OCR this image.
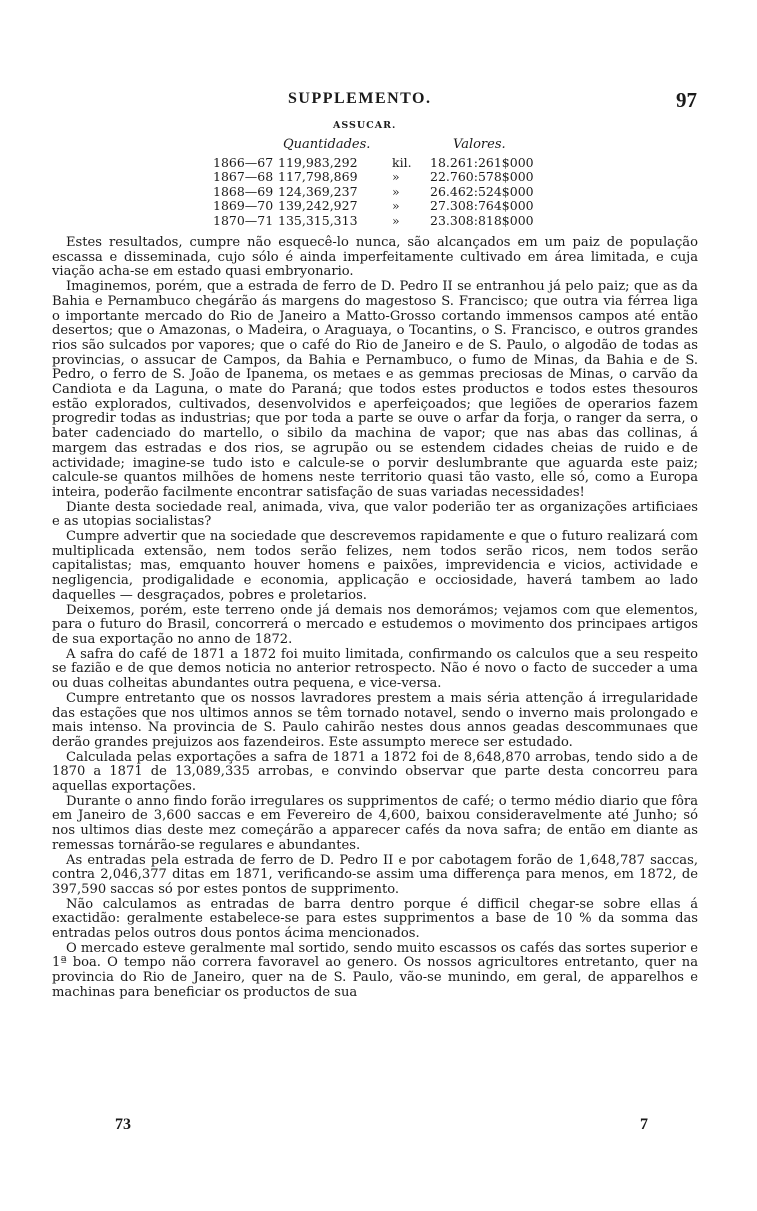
SUPPLEMENTO.	97
ASSUCAR.
Quantidades.	Valores.
1866—67 119,983,292	kil. 18.261:261$000
1867—68 117,798,869	» 22.760:578$000
1868—69 124,369,237	» 26.462:524$000
1869—70 139,242,927	» 27.308:764$000
1870—71 135,315,313	» 23.308:818$000

Estes resultados, cumpre não esquecê-lo nunca, são alcançados em um paiz de população escassa e disseminada, cujo sólo é ainda imperfeitamente cultivado em área limitada, e cuja viação acha-se em estado quasi embryonario.

Imaginemos, porém, que a estrada de ferro de D. Pedro II se entranhou já pelo paiz; que as da Bahia e Pernambuco chegárão ás margens do magestoso S. Francisco; que outra via férrea liga o importante mercado do Rio de Janeiro a Matto-Grosso cortando immensos campos até então desertos; que o Amazonas, o Madeira, o Araguaya, o Tocantins, o S. Francisco, e outros grandes rios são sulcados por vapores; que o café do Rio de Janeiro e de S. Paulo, o algodão de todas as provincias, o assucar de Campos, da Bahia e Pernambuco, o fumo de Minas, da Bahia e de S. Pedro, o ferro de S. João de Ipanema, os metaes e as gemmas preciosas de Minas, o carvão da Candiota e da Laguna, o mate do Paraná; que todos estes productos e todos estes thesouros estão explorados, cultivados, desenvolvidos e aperfeiçoados; que legiões de operarios fazem progredir todas as industrias; que por toda a parte se ouve o arfar da forja, o ranger da serra, o bater cadenciado do martello, o sibilo da machina de vapor; que nas abas das collinas, á margem das estradas e dos rios, se agrupão ou se estendem cidades cheias de ruido e de actividade; imagine-se tudo isto e calcule-se o porvir deslumbrante que aguarda este paiz; calcule-se quantos milhões de homens neste territorio quasi tão vasto, elle só, como a Europa inteira, poderão facilmente encontrar satisfação de suas variadas necessidades!

Diante desta sociedade real, animada, viva, que valor poderião ter as organizações artificiaes e as utopias socialistas?

Cumpre advertir que na sociedade que descrevemos rapidamente e que o futuro realizará com multiplicada extensão, nem todos serão felizes, nem todos serão ricos, nem todos serão capitalistas; mas, emquanto houver homens e paixões, imprevidencia e vicios, actividade e negligencia, prodigalidade e economia, applicação e occiosidade, haverá tambem ao lado daquelles — desgraçados, pobres e proletarios.

Deixemos, porém, este terreno onde já demais nos demorámos; vejamos com que elementos, para o futuro do Brasil, concorrerá o mercado e estudemos o movimento dos principaes artigos de sua exportação no anno de 1872.

A safra do café de 1871 a 1872 foi muito limitada, confirmando os calculos que a seu respeito se fazião e de que demos noticia no anterior retrospecto. Não é novo o facto de succeder a uma ou duas colheitas abundantes outra pequena, e vice-versa.

Cumpre entretanto que os nossos lavradores prestem a mais séria attenção á irregularidade das estações que nos ultimos annos se têm tornado notavel, sendo o inverno mais prolongado e mais intenso. Na provincia de S. Paulo cahirão nestes dous annos geadas descommunaes que derão grandes prejuizos aos fazendeiros. Este assumpto merece ser estudado.

Calculada pelas exportações a safra de 1871 a 1872 foi de 8,648,870 arrobas, tendo sido a de 1870 a 1871 de 13,089,335 arrobas, e convindo observar que parte desta concorreu para aquellas exportações.

Durante o anno findo forão irregulares os supprimentos de café; o termo médio diario que fôra em Janeiro de 3,600 saccas e em Fevereiro de 4,600, baixou consideravelmente até Junho; só nos ultimos dias deste mez começárão a apparecer cafés da nova safra; de então em diante as remessas tornárão-se regulares e abundantes.

As entradas pela estrada de ferro de D. Pedro II e por cabotagem forão de 1,648,787 saccas, contra 2,046,377 ditas em 1871, verificando-se assim uma differença para menos, em 1872, de 397,590 saccas só por estes pontos de supprimento.

Não calculamos as entradas de barra dentro porque é difficil chegar-se sobre ellas á exactidão: geralmente estabelece-se para estes supprimentos a base de 10 % da somma das entradas pelos outros dous pontos ácima mencionados.

O mercado esteve geralmente mal sortido, sendo muito escassos os cafés das sortes superior e 1ª boa. O tempo não correra favoravel ao genero. Os nossos agricultores entretanto, quer na provincia do Rio de Janeiro, quer na de S. Paulo, vão-se munindo, em geral, de apparelhos e machinas para beneficiar os productos de sua

73	7
